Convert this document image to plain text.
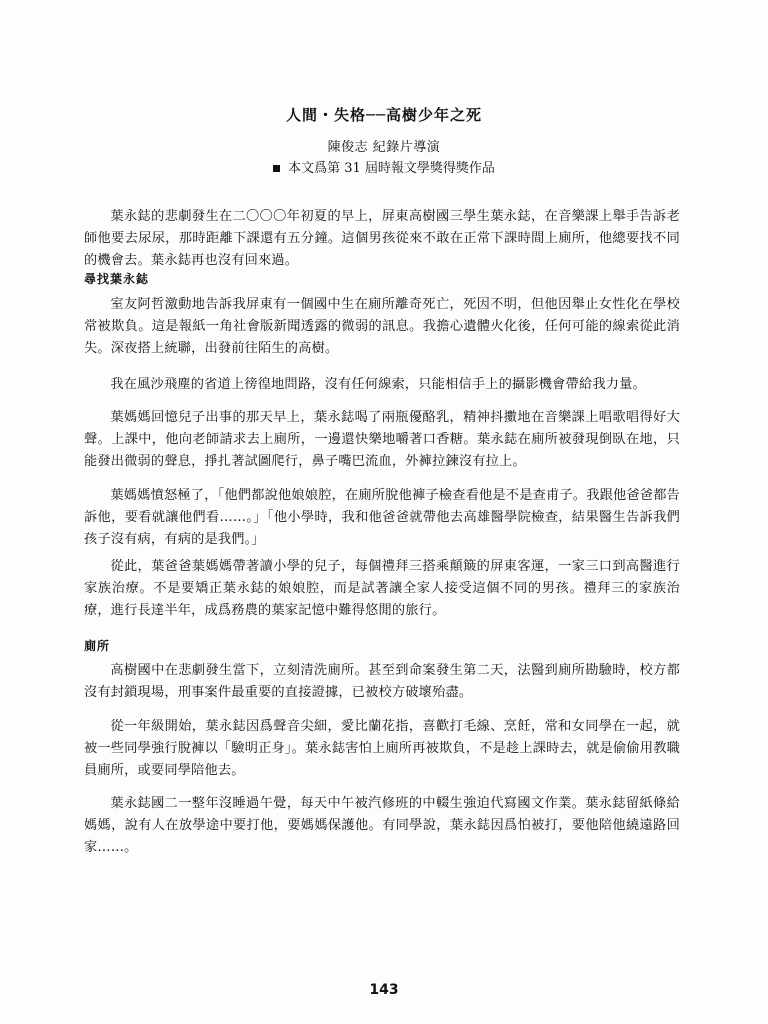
人間・失格──高樹少年之死
陳俊志 紀錄片導演
本文爲第 31 屆時報文學獎得獎作品
葉永鋕的悲劇發生在二〇〇〇年初夏的早上，屏東高樹國三學生葉永鋕，在音樂課上舉手告訴老師他要去尿尿，那時距離下課還有五分鐘。這個男孩從來不敢在正常下課時間上廁所，他總要找不同的機會去。葉永鋕再也沒有回來過。
尋找葉永鋕
室友阿哲激動地告訴我屏東有一個國中生在廁所離奇死亡，死因不明，但他因舉止女性化在學校常被欺負。這是報紙一角社會版新聞透露的微弱的訊息。我擔心遺體火化後，任何可能的線索從此消失。深夜搭上統聯，出發前往陌生的高樹。
我在風沙飛塵的省道上徬徨地問路，沒有任何線索，只能相信手上的攝影機會帶給我力量。
葉媽媽回憶兒子出事的那天早上，葉永鋕喝了兩瓶優酪乳，精神抖擻地在音樂課上唱歌唱得好大聲。上課中，他向老師請求去上廁所，一邊還快樂地嚼著口香糖。葉永鋕在廁所被發現倒臥在地，只能發出微弱的聲息，掙扎著試圖爬行，鼻子嘴巴流血，外褲拉鍊沒有拉上。
葉媽媽憤怒極了，「他們都說他娘娘腔，在廁所脫他褲子檢查看他是不是查甫子。我跟他爸爸都告訴他，要看就讓他們看……。」「他小學時，我和他爸爸就帶他去高雄醫學院檢查，結果醫生告訴我們孩子沒有病，有病的是我們。」
從此，葉爸爸葉媽媽帶著讀小學的兒子，每個禮拜三搭乘顛簸的屏東客運，一家三口到高醫進行家族治療。不是要矯正葉永鋕的娘娘腔，而是試著讓全家人接受這個不同的男孩。禮拜三的家族治療，進行長達半年，成爲務農的葉家記憶中難得悠閒的旅行。
廁所
高樹國中在悲劇發生當下，立刻清洗廁所。甚至到命案發生第二天，法醫到廁所勘驗時，校方都沒有封鎖現場，刑事案件最重要的直接證據，已被校方破壞殆盡。
從一年級開始，葉永鋕因爲聲音尖細，愛比蘭花指，喜歡打毛線、烹飪，常和女同學在一起，就被一些同學強行脫褲以「驗明正身」。葉永鋕害怕上廁所再被欺負，不是趁上課時去，就是偷偷用教職員廁所，或要同學陪他去。
葉永鋕國二一整年沒睡過午覺，每天中午被汽修班的中輟生強迫代寫國文作業。葉永鋕留紙條給媽媽，說有人在放學途中要打他，要媽媽保護他。有同學說，葉永鋕因爲怕被打，要他陪他繞遠路回家……。
143
